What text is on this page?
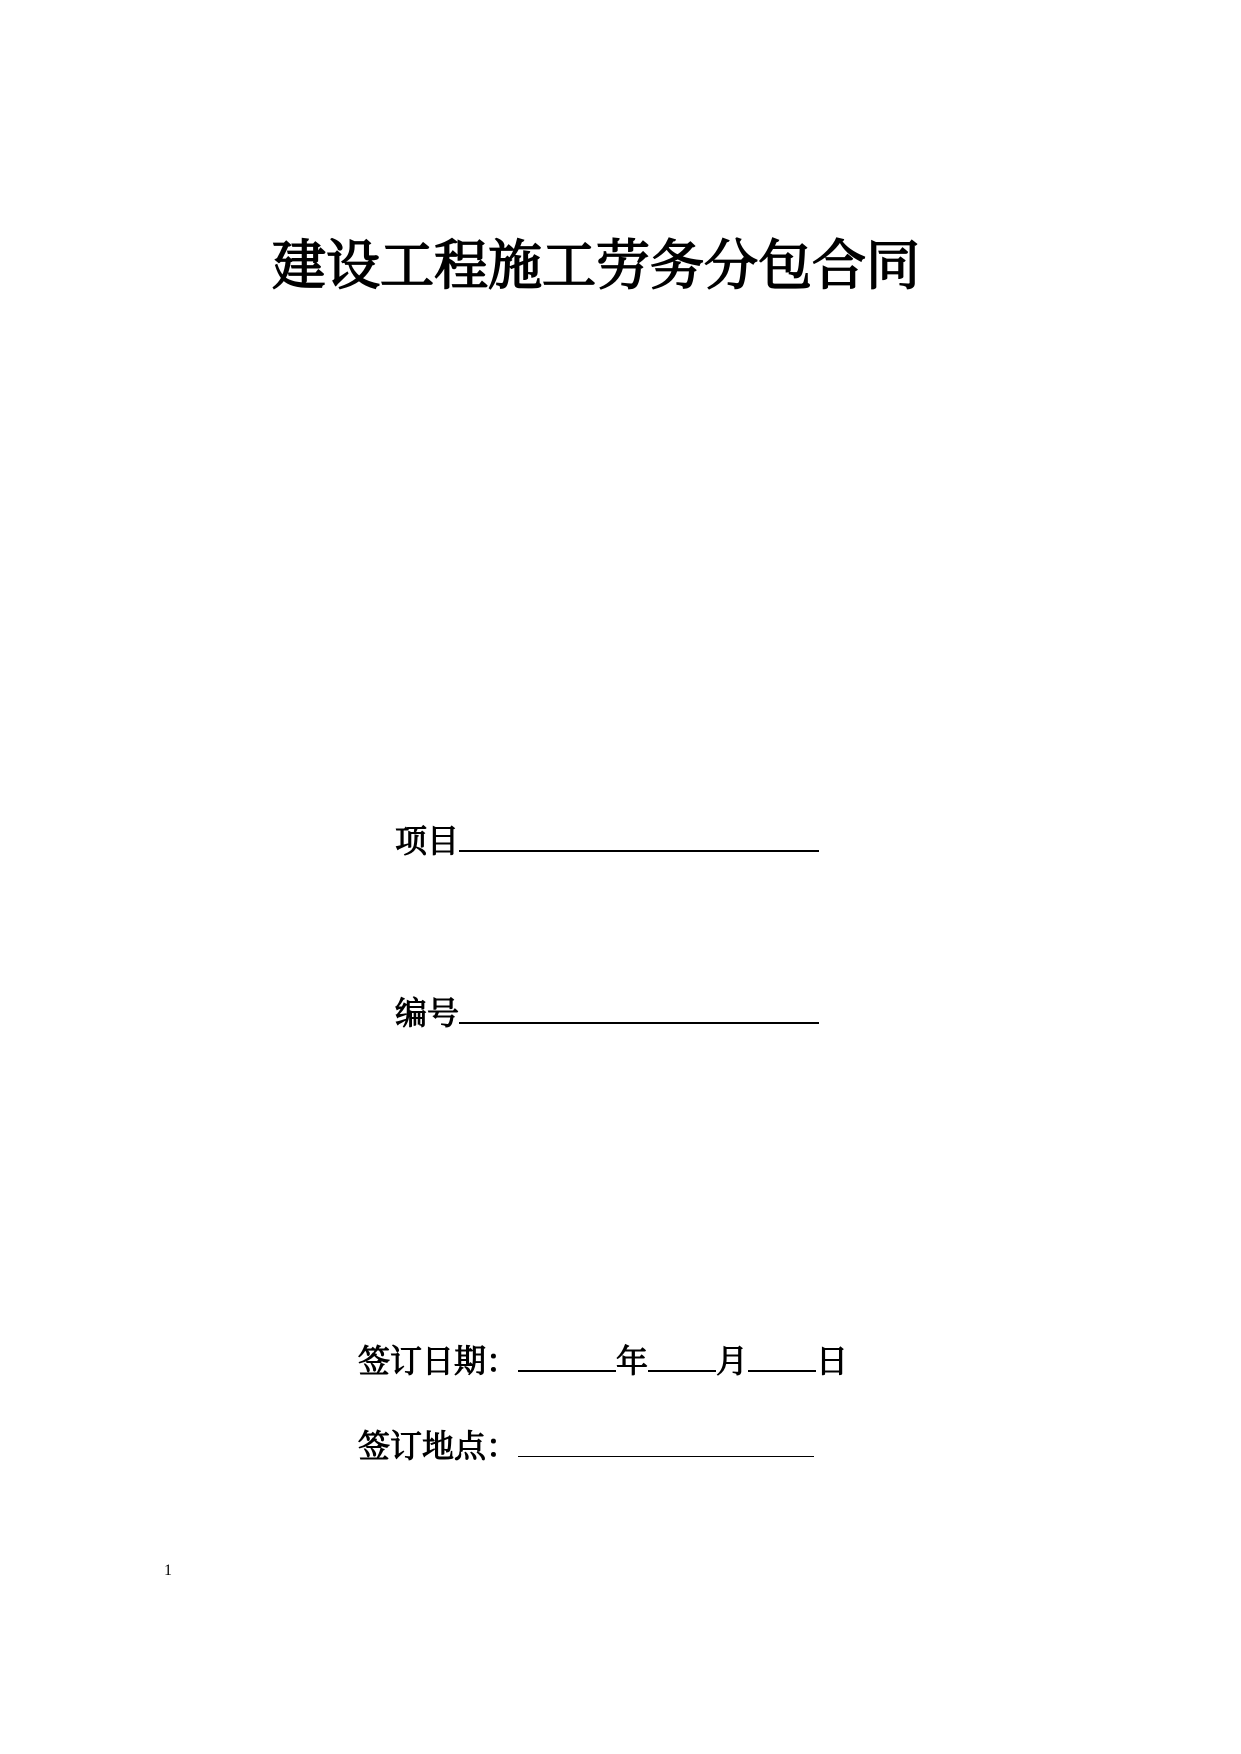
建设工程施工劳务分包合同
项目
编号
签订日期：	年 月 日
签订地点：
1
